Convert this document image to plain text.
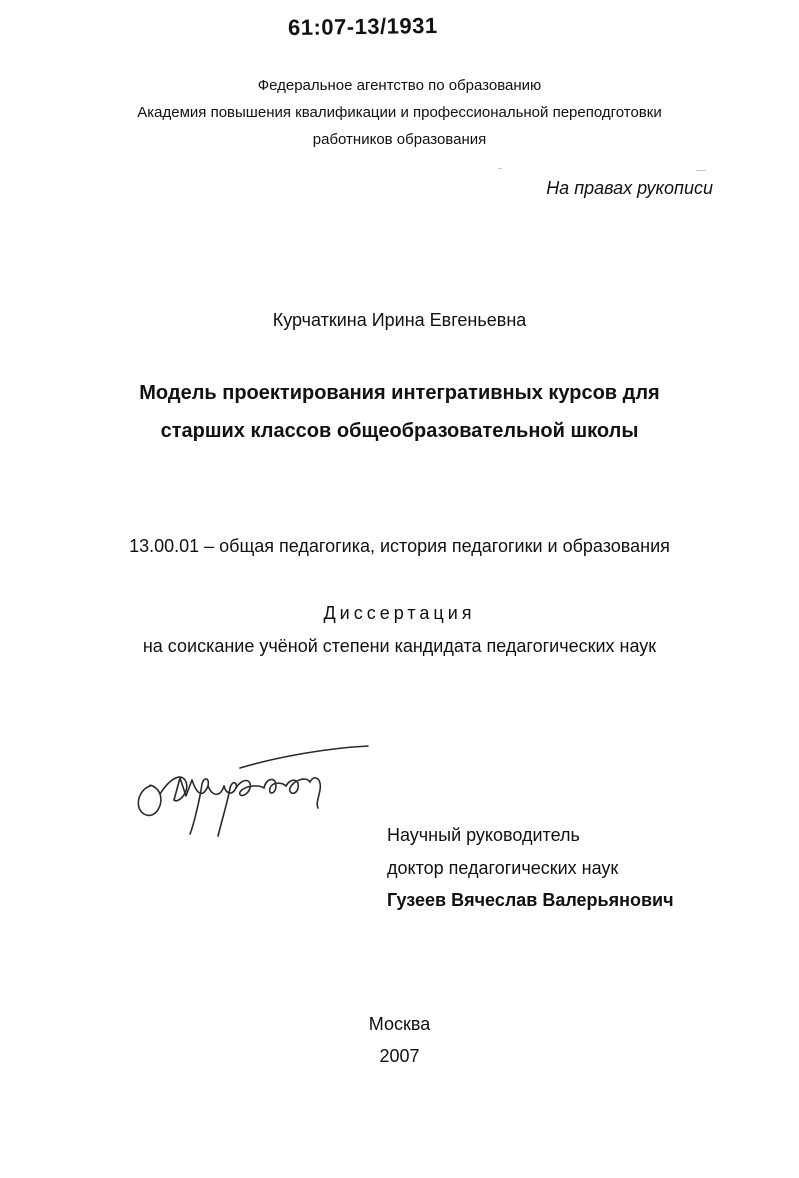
61:07-13/1931
Федеральное агентство по образованию
Академия повышения квалификации и профессиональной переподготовки
работников образования
На правах рукописи
Курчаткина Ирина Евгеньевна
Модель проектирования интегративных курсов для
старших классов общеобразовательной школы
13.00.01 – общая педагогика, история педагогики и образования
Диссертация
на соискание учёной степени кандидата педагогических наук
Научный руководитель
доктор педагогических наук
Гузеев Вячеслав Валерьянович
Москва
2007
